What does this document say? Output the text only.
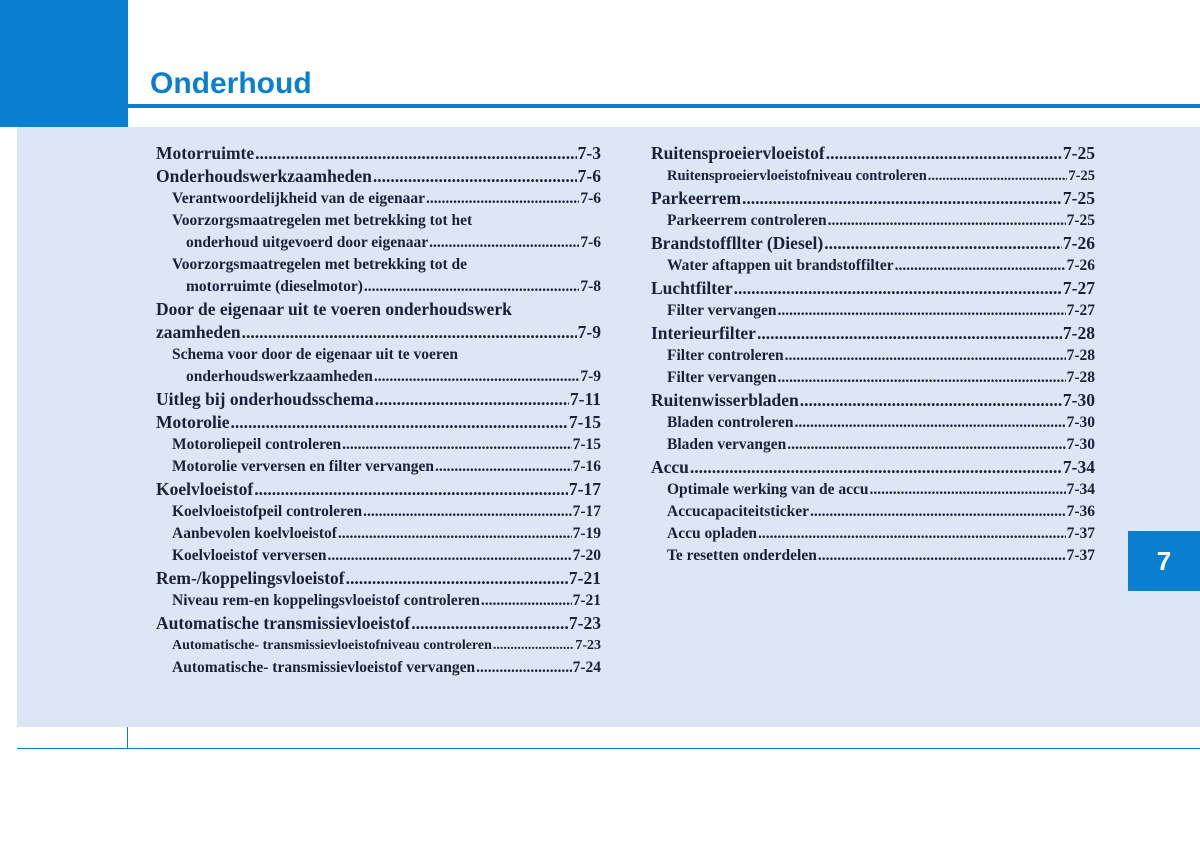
Onderhoud
7
Motorruimte .....	7-3
Onderhoudswerkzaamheden .....	7-6
Verantwoordelijkheid van de eigenaar .....	7-6
Voorzorgsmaatregelen met betrekking tot het
onderhoud uitgevoerd door eigenaar .....	7-6
Voorzorgsmaatregelen met betrekking tot de
motorruimte (dieselmotor) .....	7-8
Door de eigenaar uit te voeren onderhoudswerk
zaamheden .....	7-9
Schema voor door de eigenaar uit te voeren
onderhoudswerkzaamheden .....	7-9
Uitleg bij onderhoudsschema .....	7-11
Motorolie .....	7-15
Motoroliepeil controleren .....	7-15
Motorolie verversen en filter vervangen .....	7-16
Koelvloeistof .....	7-17
Koelvloeistofpeil controleren .....	7-17
Aanbevolen koelvloeistof .....	7-19
Koelvloeistof verversen .....	7-20
Rem-/koppelingsvloeistof .....	7-21
Niveau rem-en koppelingsvloeistof controleren .....	7-21
Automatische transmissievloeistof .....	7-23
Automatische- transmissievloeistofniveau controleren .....	7-23
Automatische- transmissievloeistof vervangen .....	7-24
Ruitensproeiervloeistof .....	7-25
Ruitensproeiervloeistofniveau controleren .....	7-25
Parkeerrem .....	7-25
Parkeerrem controleren .....	7-25
Brandstoffllter (Diesel) .....	7-26
Water aftappen uit brandstoffilter .....	7-26
Luchtfilter .....	7-27
Filter vervangen .....	7-27
Interieurfilter .....	7-28
Filter controleren .....	7-28
Filter vervangen .....	7-28
Ruitenwisserbladen .....	7-30
Bladen controleren .....	7-30
Bladen vervangen .....	7-30
Accu .....	7-34
Optimale werking van de accu .....	7-34
Accucapaciteitsticker .....	7-36
Accu opladen .....	7-37
Te resetten onderdelen .....	7-37
